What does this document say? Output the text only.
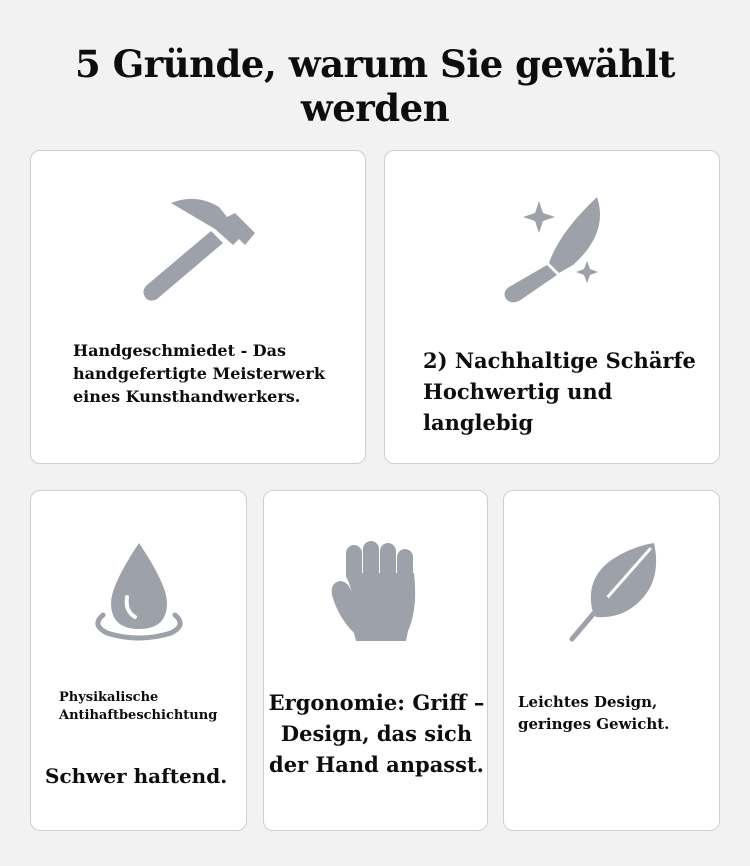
5 Gründe, warum Sie gewählt werden
Handgeschmiedet - Das
handgefertigte Meisterwerk
eines Kunsthandwerkers.
2) Nachhaltige Schärfe
Hochwertig und langlebig
Physikalische
Antihaftbeschichtung
Schwer haftend.
Ergonomie: Griff –
Design, das sich
der Hand anpasst.
Leichtes Design,
geringes Gewicht.
